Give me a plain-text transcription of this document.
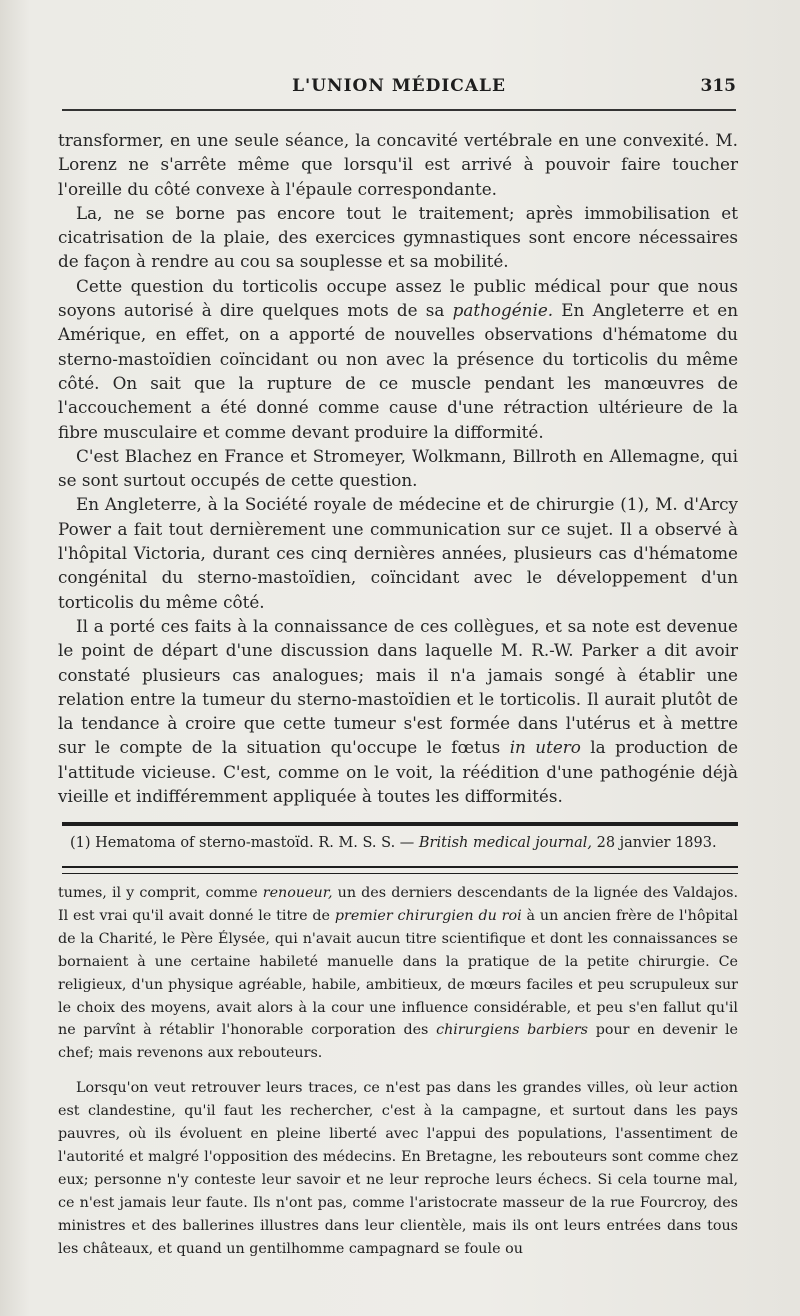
L'UNION MÉDICALE	315

transformer, en une seule séance, la concavité vertébrale en une convexité. M. Lorenz ne s'arrête même que lorsqu'il est arrivé à pouvoir faire toucher l'oreille du côté convexe à l'épaule correspondante.

La, ne se borne pas encore tout le traitement; après immobilisation et cicatrisation de la plaie, des exercices gymnastiques sont encore nécessaires de façon à rendre au cou sa souplesse et sa mobilité.

Cette question du torticolis occupe assez le public médical pour que nous soyons autorisé à dire quelques mots de sa pathogénie. En Angleterre et en Amérique, en effet, on a apporté de nouvelles observations d'hématome du sterno-mastoïdien coïncidant ou non avec la présence du torticolis du même côté. On sait que la rupture de ce muscle pendant les manœuvres de l'accouchement a été donné comme cause d'une rétraction ultérieure de la fibre musculaire et comme devant produire la difformité.

C'est Blachez en France et Stromeyer, Wolkmann, Billroth en Allemagne, qui se sont surtout occupés de cette question.

En Angleterre, à la Société royale de médecine et de chirurgie (1), M. d'Arcy Power a fait tout dernièrement une communication sur ce sujet. Il a observé à l'hôpital Victoria, durant ces cinq dernières années, plusieurs cas d'hématome congénital du sterno-mastoïdien, coïncidant avec le développement d'un torticolis du même côté.

Il a porté ces faits à la connaissance de ces collègues, et sa note est devenue le point de départ d'une discussion dans laquelle M. R.-W. Parker a dit avoir constaté plusieurs cas analogues; mais il n'a jamais songé à établir une relation entre la tumeur du sterno-mastoïdien et le torticolis. Il aurait plutôt de la tendance à croire que cette tumeur s'est formée dans l'utérus et à mettre sur le compte de la situation qu'occupe le fœtus in utero la production de l'attitude vicieuse. C'est, comme on le voit, la réédition d'une pathogénie déjà vieille et indifféremment appliquée à toutes les difformités.

(1) Hematoma of sterno-mastoïd. R. M. S. S. — British medical journal, 28 janvier 1893.

tumes, il y comprit, comme renoueur, un des derniers descendants de la lignée des Valdajos. Il est vrai qu'il avait donné le titre de premier chirurgien du roi à un ancien frère de l'hôpital de la Charité, le Père Élysée, qui n'avait aucun titre scientifique et dont les connaissances se bornaient à une certaine habileté manuelle dans la pratique de la petite chirurgie. Ce religieux, d'un physique agréable, habile, ambitieux, de mœurs faciles et peu scrupuleux sur le choix des moyens, avait alors à la cour une influence considérable, et peu s'en fallut qu'il ne parvînt à rétablir l'honorable corporation des chirurgiens barbiers pour en devenir le chef; mais revenons aux rebouteurs.

Lorsqu'on veut retrouver leurs traces, ce n'est pas dans les grandes villes, où leur action est clandestine, qu'il faut les rechercher, c'est à la campagne, et surtout dans les pays pauvres, où ils évoluent en pleine liberté avec l'appui des populations, l'assentiment de l'autorité et malgré l'opposition des médecins. En Bretagne, les rebouteurs sont comme chez eux; personne n'y conteste leur savoir et ne leur reproche leurs échecs. Si cela tourne mal, ce n'est jamais leur faute. Ils n'ont pas, comme l'aristocrate masseur de la rue Fourcroy, des ministres et des ballerines illustres dans leur clientèle, mais ils ont leurs entrées dans tous les châteaux, et quand un gentilhomme campagnard se foule ou
